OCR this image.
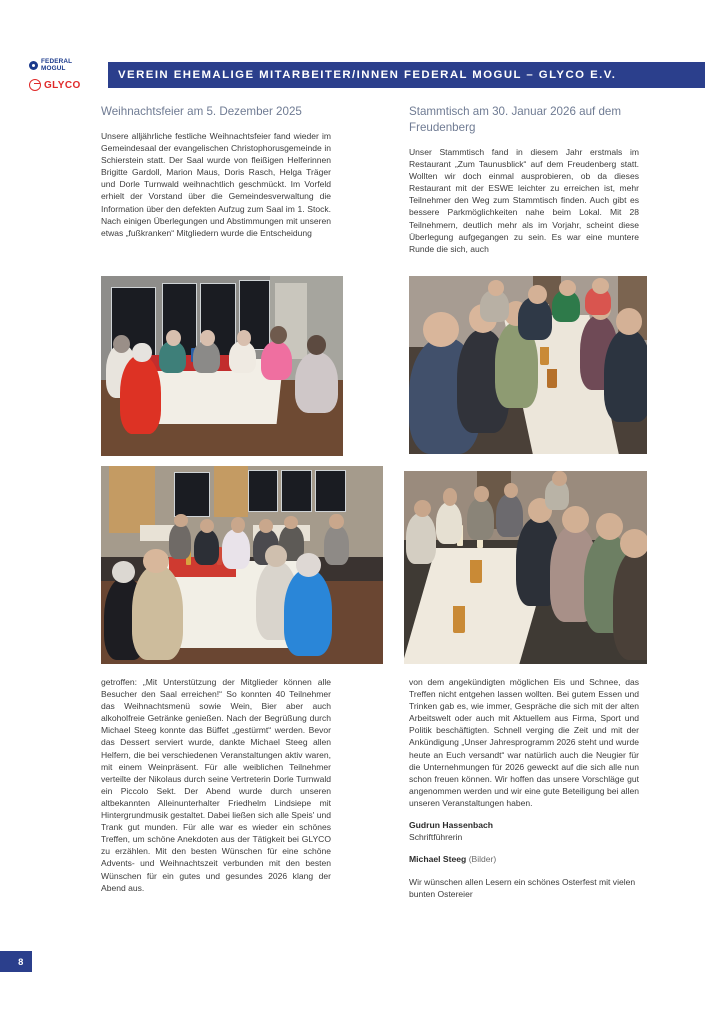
FEDERAL
MOGUL
GLYCO
VEREIN EHEMALIGE MITARBEITER/INNEN FEDERAL MOGUL – GLYCO E.V.
Weihnachtsfeier am 5. Dezember 2025

Unsere alljährliche festliche Weihnachtsfeier fand wieder im Gemeindesaal der evangelischen Christophorusgemeinde in Schierstein statt. Der Saal wurde von fleißigen Helferinnen Brigitte Gardoll, Marion Maus, Doris Rasch, Helga Träger und Dorle Turnwald weihnachtlich geschmückt. Im Vorfeld erhielt der Vorstand über die Gemeindesverwaltung die Information über den defekten Aufzug zum Saal im 1. Stock. Nach einigen Überlegungen und Abstimmungen mit unseren etwas „fußkranken“ Mitgliedern wurde die Entscheidung

Stammtisch am 30. Januar 2026 auf dem Freudenberg

Unser Stammtisch fand in diesem Jahr erstmals im Restaurant „Zum Taunusblick“ auf dem Freudenberg statt. Wollten wir doch einmal ausprobieren, ob da dieses Restaurant mit der ESWE leichter zu erreichen ist, mehr Teilnehmer den Weg zum Stammtisch finden. Auch gibt es bessere Parkmöglichkeiten nahe beim Lokal. Mit 28 Teilnehmern, deutlich mehr als im Vorjahr, scheint diese Überlegung aufgegangen zu sein. Es war eine muntere Runde die sich, auch

getroffen: „Mit Unterstützung der Mitglieder können alle Besucher den Saal erreichen!“ So konnten 40 Teilnehmer das Weihnachtsmenü sowie Wein, Bier aber auch alkoholfreie Getränke genießen. Nach der Begrüßung durch Michael Steeg konnte das Büffet „gestürmt“ werden. Bevor das Dessert serviert wurde, dankte Michael Steeg allen Helfern, die bei verschiedenen Veranstaltungen aktiv waren, mit einem Weinpräsent. Für alle weiblichen Teilnehmer verteilte der Nikolaus durch seine Vertreterin Dorle Turnwald ein Piccolo Sekt. Der Abend wurde durch unseren altbekannten Alleinunterhalter Friedhelm Lindsiepe mit Hintergrundmusik gestaltet. Dabei ließen sich alle Speis' und Trank gut munden. Für alle war es wieder ein schönes Treffen, um schöne Anekdoten aus der Tätigkeit bei GLYCO zu erzählen. Mit den besten Wünschen für eine schöne Advents- und Weihnachtszeit verbunden mit den besten Wünschen für ein gutes und gesundes 2026 klang der Abend aus.

von dem angekündigten möglichen Eis und Schnee, das Treffen nicht entgehen lassen wollten. Bei gutem Essen und Trinken gab es, wie immer, Gespräche die sich mit der alten Arbeitswelt oder auch mit Aktuellem aus Firma, Sport und Politik beschäftigten. Schnell verging die Zeit und mit der Ankündigung „Unser Jahresprogramm 2026 steht und wurde heute an Euch versandt“ war natürlich auch die Neugier für die Unternehmungen für 2026 geweckt auf die sich alle nun schon freuen können. Wir hoffen das unsere Vorschläge gut angenommen werden und wir eine gute Beteiligung bei allen unseren Veranstaltungen haben.

Gudrun Hassenbach

Schriftführerin

Michael Steeg (Bilder)

Wir wünschen allen Lesern ein schönes Osterfest mit vielen bunten Ostereier

8
